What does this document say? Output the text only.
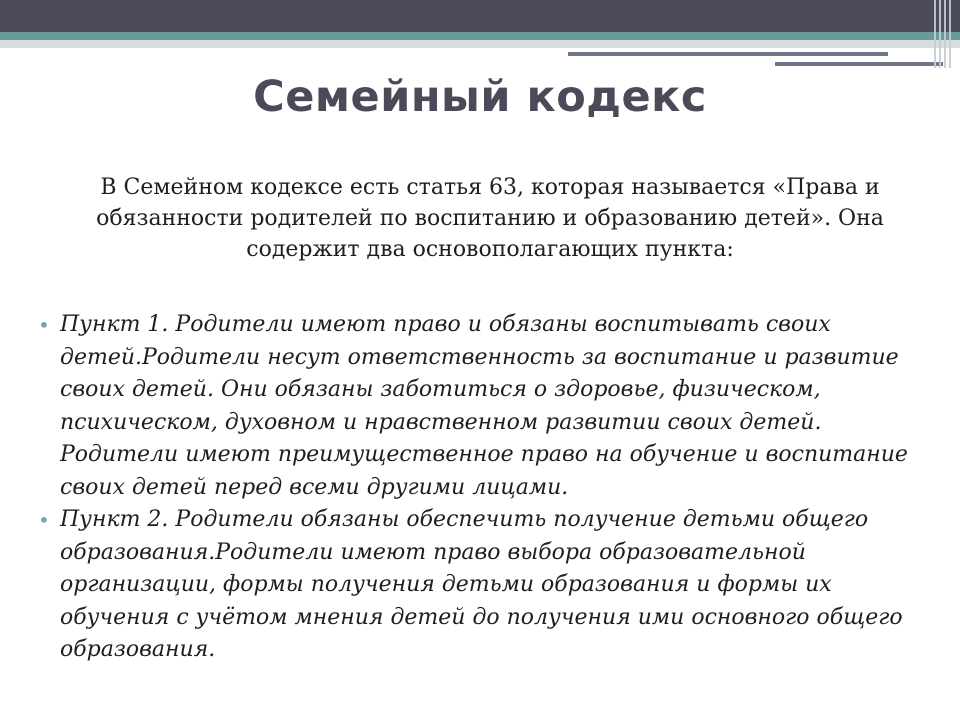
Семейный кодекс

В Семейном кодексе есть статья 63, которая называется «Права и обязанности родителей по воспитанию и образованию детей». Она содержит два основополагающих пункта:

• Пункт 1. Родители имеют право и обязаны воспитывать своих детей.Родители несут ответственность за воспитание и развитие своих детей. Они обязаны заботиться о здоровье, физическом, психическом, духовном и нравственном развитии своих детей. Родители имеют преимущественное право на обучение и воспитание своих детей перед всеми другими лицами.
• Пункт 2. Родители обязаны обеспечить получение детьми общего образования.Родители имеют право выбора образовательной организации, формы получения детьми образования и формы их обучения с учётом мнения детей до получения ими основного общего образования.
